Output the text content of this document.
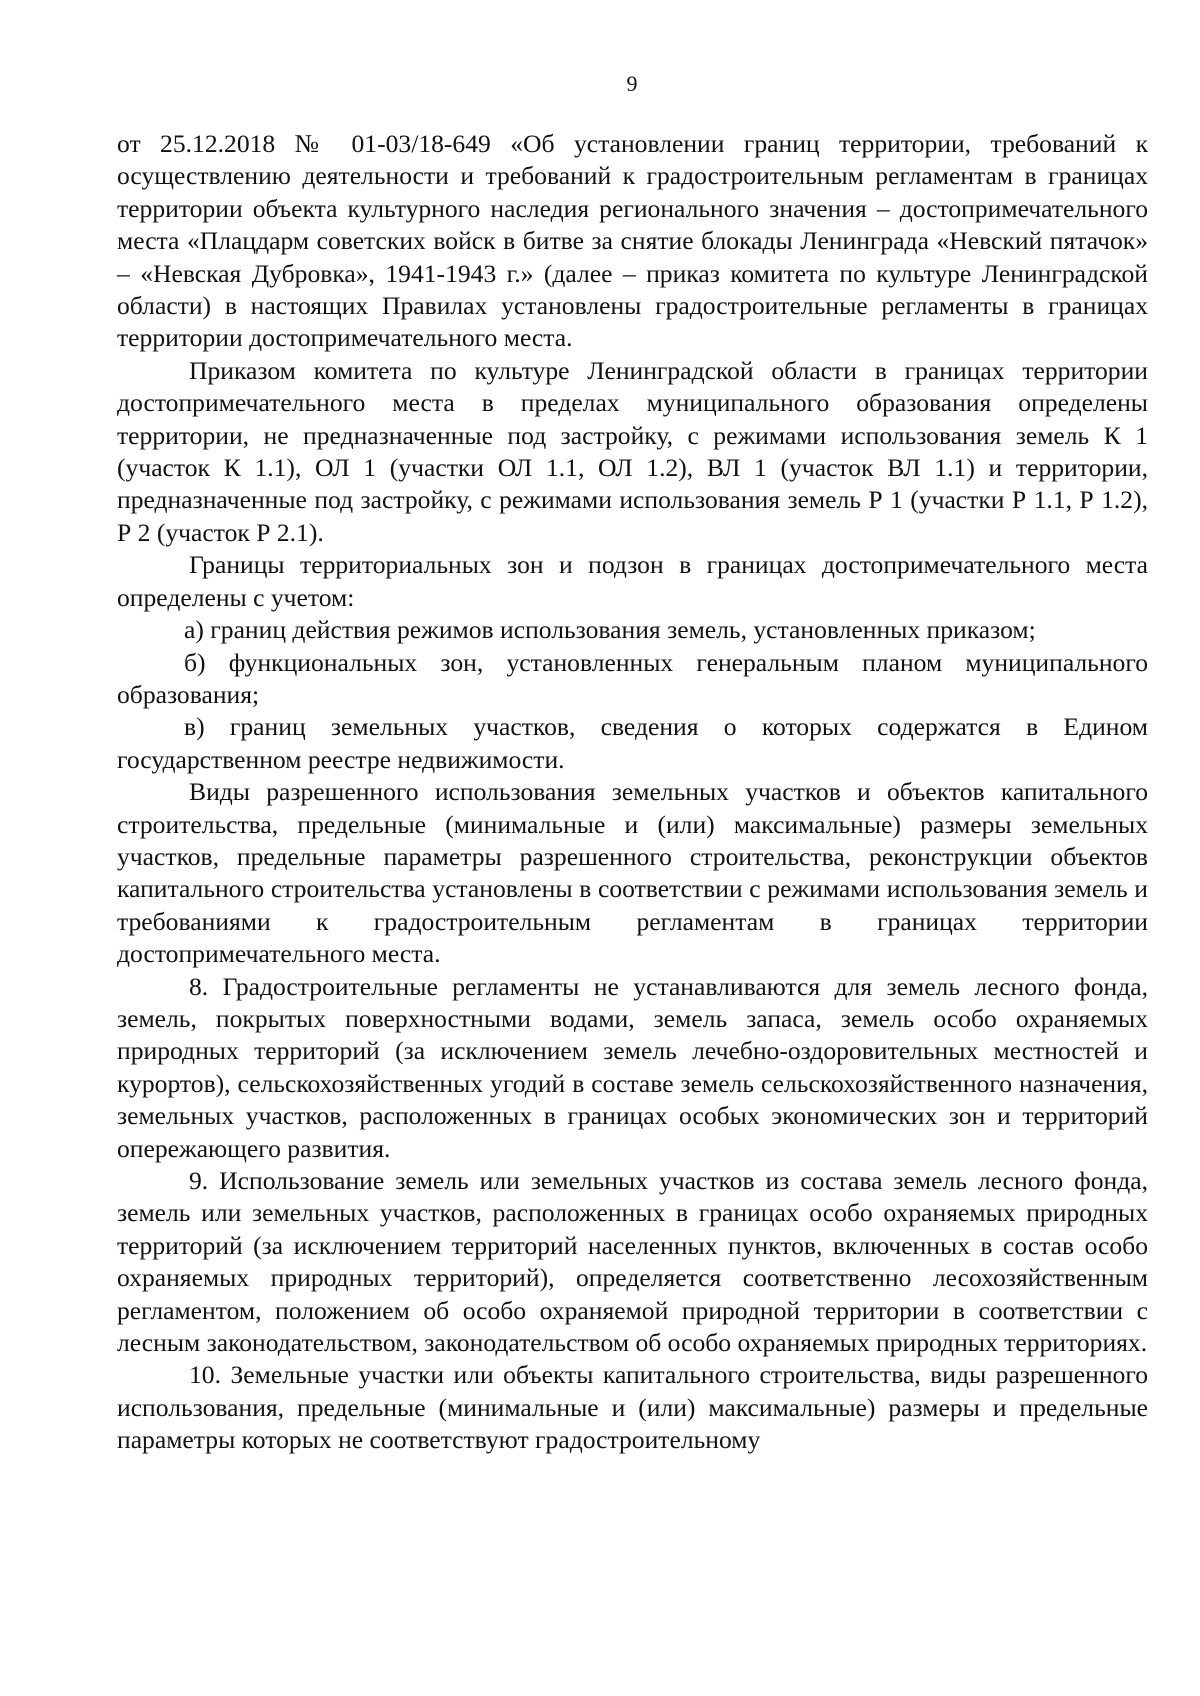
9

от 25.12.2018 № 01-03/18-649 «Об установлении границ территории, требований к осуществлению деятельности и требований к градостроительным регламентам в границах территории объекта культурного наследия регионального значения – достопримечательного места «Плацдарм советских войск в битве за снятие блокады Ленинграда «Невский пятачок» – «Невская Дубровка», 1941-1943 г.» (далее – приказ комитета по культуре Ленинградской области) в настоящих Правилах установлены градостроительные регламенты в границах территории достопримечательного места.

Приказом комитета по культуре Ленинградской области в границах территории достопримечательного места в пределах муниципального образования определены территории, не предназначенные под застройку, с режимами использования земель К 1 (участок К 1.1), ОЛ 1 (участки ОЛ 1.1, ОЛ 1.2), ВЛ 1 (участок ВЛ 1.1) и территории, предназначенные под застройку, с режимами использования земель Р 1 (участки Р 1.1, Р 1.2), Р 2 (участок Р 2.1).

Границы территориальных зон и подзон в границах достопримечательного места определены с учетом:

а) границ действия режимов использования земель, установленных приказом;

б) функциональных зон, установленных генеральным планом муниципального образования;

в) границ земельных участков, сведения о которых содержатся в Едином государственном реестре недвижимости.

Виды разрешенного использования земельных участков и объектов капитального строительства, предельные (минимальные и (или) максимальные) размеры земельных участков, предельные параметры разрешенного строительства, реконструкции объектов капитального строительства установлены в соответствии с режимами использования земель и требованиями к градостроительным регламентам в границах территории достопримечательного места.

8. Градостроительные регламенты не устанавливаются для земель лесного фонда, земель, покрытых поверхностными водами, земель запаса, земель особо охраняемых природных территорий (за исключением земель лечебно-оздоровительных местностей и курортов), сельскохозяйственных угодий в составе земель сельскохозяйственного назначения, земельных участков, расположенных в границах особых экономических зон и территорий опережающего развития.

9. Использование земель или земельных участков из состава земель лесного фонда, земель или земельных участков, расположенных в границах особо охраняемых природных территорий (за исключением территорий населенных пунктов, включенных в состав особо охраняемых природных территорий), определяется соответственно лесохозяйственным регламентом, положением об особо охраняемой природной территории в соответствии с лесным законодательством, законодательством об особо охраняемых природных территориях.

10. Земельные участки или объекты капитального строительства, виды разрешенного использования, предельные (минимальные и (или) максимальные) размеры и предельные параметры которых не соответствуют градостроительному
